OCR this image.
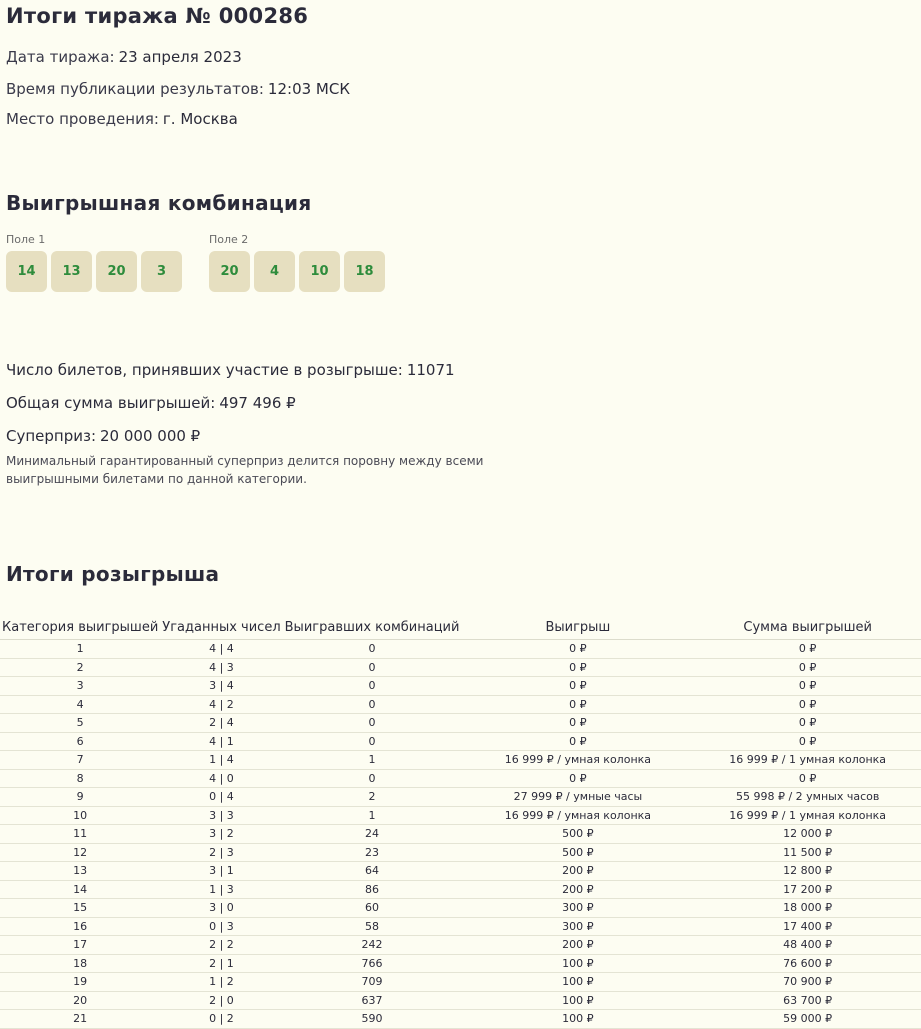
Итоги тиража № 000286
Дата тиража: 23 апреля 2023
Время публикации результатов: 12:03 МСК
Место проведения: г. Москва
Выигрышная комбинация
Поле 1
14	13	20	3
Поле 2
20	4	10	18
Число билетов, принявших участие в розыгрыше: 11071
Общая сумма выигрышей: 497 496 ₽
Суперприз: 20 000 000 ₽
Минимальный гарантированный суперприз делится поровну между всеми выигрышными билетами по данной категории.
Итоги розыгрыша
Категория выигрышей	Угаданных чисел	Выигравших комбинаций	Выигрыш	Сумма выигрышей
1	4 | 4	0	0 ₽	0 ₽
2	4 | 3	0	0 ₽	0 ₽
3	3 | 4	0	0 ₽	0 ₽
4	4 | 2	0	0 ₽	0 ₽
5	2 | 4	0	0 ₽	0 ₽
6	4 | 1	0	0 ₽	0 ₽
7	1 | 4	1	16 999 ₽ / умная колонка	16 999 ₽ / 1 умная колонка
8	4 | 0	0	0 ₽	0 ₽
9	0 | 4	2	27 999 ₽ / умные часы	55 998 ₽ / 2 умных часов
10	3 | 3	1	16 999 ₽ / умная колонка	16 999 ₽ / 1 умная колонка
11	3 | 2	24	500 ₽	12 000 ₽
12	2 | 3	23	500 ₽	11 500 ₽
13	3 | 1	64	200 ₽	12 800 ₽
14	1 | 3	86	200 ₽	17 200 ₽
15	3 | 0	60	300 ₽	18 000 ₽
16	0 | 3	58	300 ₽	17 400 ₽
17	2 | 2	242	200 ₽	48 400 ₽
18	2 | 1	766	100 ₽	76 600 ₽
19	1 | 2	709	100 ₽	70 900 ₽
20	2 | 0	637	100 ₽	63 700 ₽
21	0 | 2	590	100 ₽	59 000 ₽
